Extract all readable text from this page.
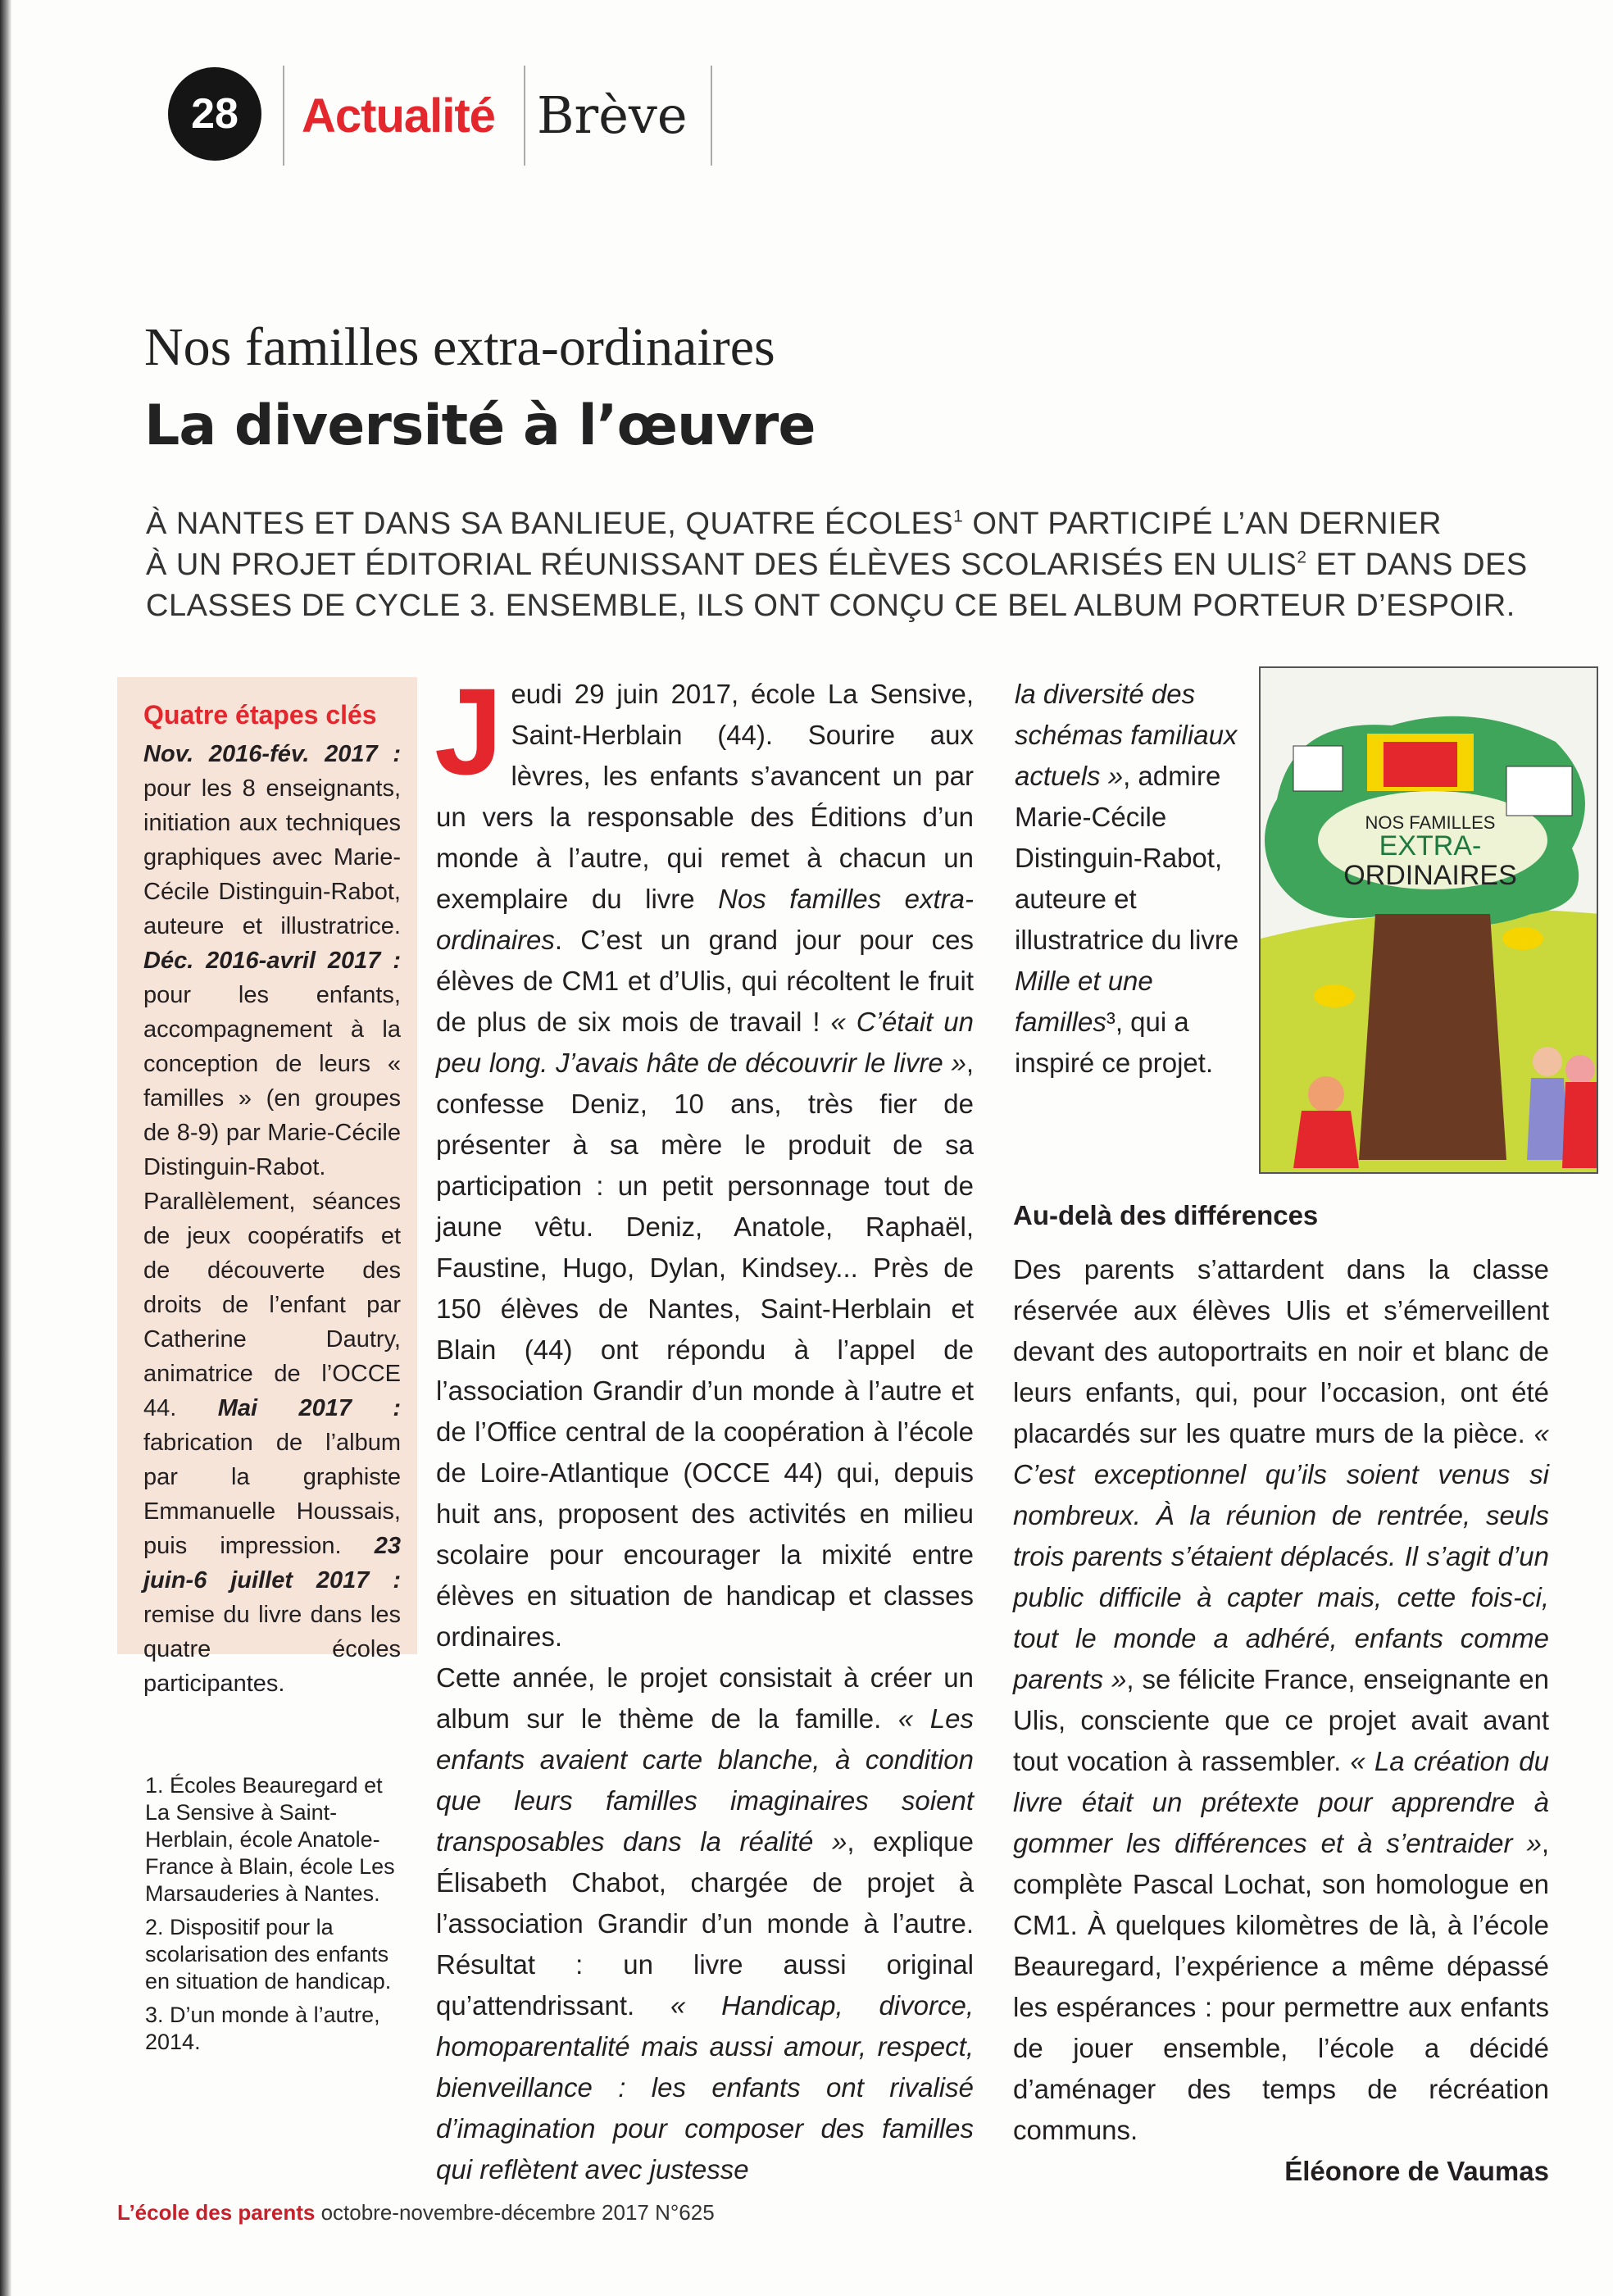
28	Actualité Brève
Nos familles extra-ordinaires
La diversité à l’œuvre
À NANTES ET DANS SA BANLIEUE, QUATRE ÉCOLES$^1$ ONT PARTICIPÉ L’AN DERNIER
À UN PROJET ÉDITORIAL RÉUNISSANT DES ÉLÈVES SCOLARISÉS EN ULIS$^2$ ET DANS DES
CLASSES DE CYCLE 3. ENSEMBLE, ILS ONT CONÇU CE BEL ALBUM PORTEUR D’ESPOIR.
Quatre étapes clés

Nov. 2016-fév. 2017 : pour les 8 enseignants, initiation aux techniques graphiques avec Marie-Cécile Distinguin-Rabot, auteure et illustratrice. Déc. 2016-avril 2017 : pour les enfants, accompagnement à la conception de leurs « familles » (en groupes de 8-9) par Marie-Cécile Distinguin-Rabot. Parallèlement, séances de jeux coopératifs et de découverte des droits de l’enfant par Catherine Dautry, animatrice de l’OCCE 44. Mai 2017 : fabrication de l’album par la graphiste Emmanuelle Houssais, puis impression. 23 juin-6 juillet 2017 : remise du livre dans les quatre écoles participantes.

J eudi 29 juin 2017, école La Sensive, Saint-Herblain (44). Sourire aux lèvres, les enfants s’avancent un par un vers la responsable des Éditions d’un monde à l’autre, qui remet à chacun un exemplaire du livre Nos familles extra-ordinaires. C’est un grand jour pour ces élèves de CM1 et d’Ulis, qui récoltent le fruit de plus de six mois de travail ! « C’était un peu long. J’avais hâte de découvrir le livre », confesse Deniz, 10 ans, très fier de présenter à sa mère le produit de sa participation : un petit personnage tout de jaune vêtu. Deniz, Anatole, Raphaël, Faustine, Hugo, Dylan, Kindsey... Près de 150 élèves de Nantes, Saint-Herblain et Blain (44) ont répondu à l’appel de l’association Grandir d’un monde à l’autre et de l’Office central de la coopération à l’école de Loire-Atlantique (OCCE 44) qui, depuis huit ans, proposent des activités en milieu scolaire pour encourager la mixité entre élèves en situation de handicap et classes ordinaires.

Cette année, le projet consistait à créer un album sur le thème de la famille. « Les enfants avaient carte blanche, à condition que leurs familles imaginaires soient transposables dans la réalité », explique Élisabeth Chabot, chargée de projet à l’association Grandir d’un monde à l’autre. Résultat : un livre aussi original qu’attendrissant. « Handicap, divorce, homoparentalité mais aussi amour, respect, bienveillance : les enfants ont rivalisé d’imagination pour composer des familles qui reflètent avec justesse

la diversité des schémas familiaux actuels », admire Marie-Cécile Distinguin-Rabot, auteure et illustratrice du livre Mille et une familles³, qui a inspiré ce projet.

Au-delà des différences

Des parents s’attardent dans la classe réservée aux élèves Ulis et s’émerveillent devant des autoportraits en noir et blanc de leurs enfants, qui, pour l’occasion, ont été placardés sur les quatre murs de la pièce. « C’est exceptionnel qu’ils soient venus si nombreux. À la réunion de rentrée, seuls trois parents s’étaient déplacés. Il s’agit d’un public difficile à capter mais, cette fois-ci, tout le monde a adhéré, enfants comme parents », se félicite France, enseignante en Ulis, consciente que ce projet avait avant tout vocation à rassembler. « La création du livre était un prétexte pour apprendre à gommer les différences et à s’entraider », complète Pascal Lochat, son homologue en CM1. À quelques kilomètres de là, à l’école Beauregard, l’expérience a même dépassé les espérances : pour permettre aux enfants de jouer ensemble, l’école a décidé d’aménager des temps de récréation communs.

Éléonore de Vaumas
NOS FAMILLES
EXTRA-
ORDINAIRES
1. Écoles Beauregard et La Sensive à Saint-Herblain, école Anatole-France à Blain, école Les Marsauderies à Nantes.
2. Dispositif pour la scolarisation des enfants en situation de handicap.
3. D’un monde à l’autre, 2014.
L’école des parents octobre-novembre-décembre 2017 N°625
